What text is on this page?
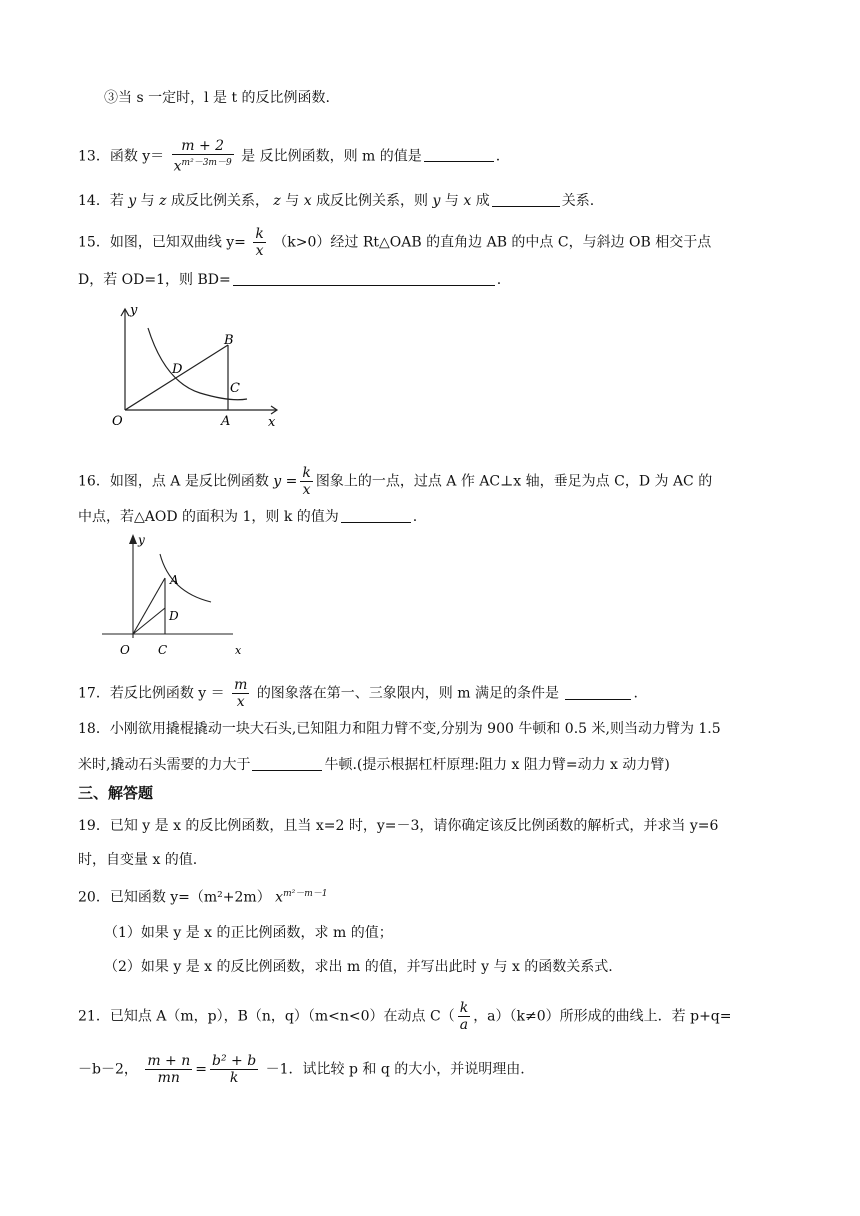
③当 s 一定时，l 是 t 的反比例函数.
13．函数 $y= \frac{m + 2}{x^{m^2-3m-9}}$ 是 反比例函数，则 m 的值是	.
14．若 y 与 z 成反比例关系， z 与 x 成反比例关系，则 y 与 x 成	关系.
15．如图，已知双曲线 $y= \frac{k}{x} (k>0)$经过 Rt△OAB 的直角边 AB 的中点 C，与斜边 OB 相交于点
D，若 OD=1，则 BD=	.
y
x
O	A
B
C
D
16．如图，点 A 是反比例函数 $y = \frac{k}{x}$ 图象上的一点，过点 A 作 AC⊥x 轴，垂足为点 C，D 为 AC 的
中点，若△AOD 的面积为 1，则 k 的值为	.
y
x
O C
A
D
17．若反比例函数 $y = \frac{m}{x}$ 的图象落在第一、三象限内，则 m 满足的条件是	.
18．小刚欲用撬棍撬动一块大石头,已知阻力和阻力臂不变,分别为 900 牛顿和 0.5 米,则当动力臂为 1.5
米时,撬动石头需要的力大于	牛顿.(提示根据杠杆原理:阻力 x 阻力臂=动力 x 动力臂)
三、解答题
19．已知 y 是 x 的反比例函数，且当 x=2 时，y=－3，请你确定该反比例函数的解析式，并求当 y=6
时，自变量 x 的值.
20．已知函数 y=（m²+2m） $x^{m^2-m-1}$
（1）如果 y 是 x 的正比例函数，求 m 的值；
（2）如果 y 是 x 的反比例函数，求出 m 的值，并写出此时 y 与 x 的函数关系式.
21．已知点 A（m，p），B（n，q）（m<n<0）在动点 $C( \frac{k}{a}$ ，a）（k≠0）所形成的曲线上．若 p+q=
－b－2， $\frac{m + n}{mn} = \frac{\text{b² + b}}{k} -1$．试比较 p 和 q 的大小，并说明理由.
